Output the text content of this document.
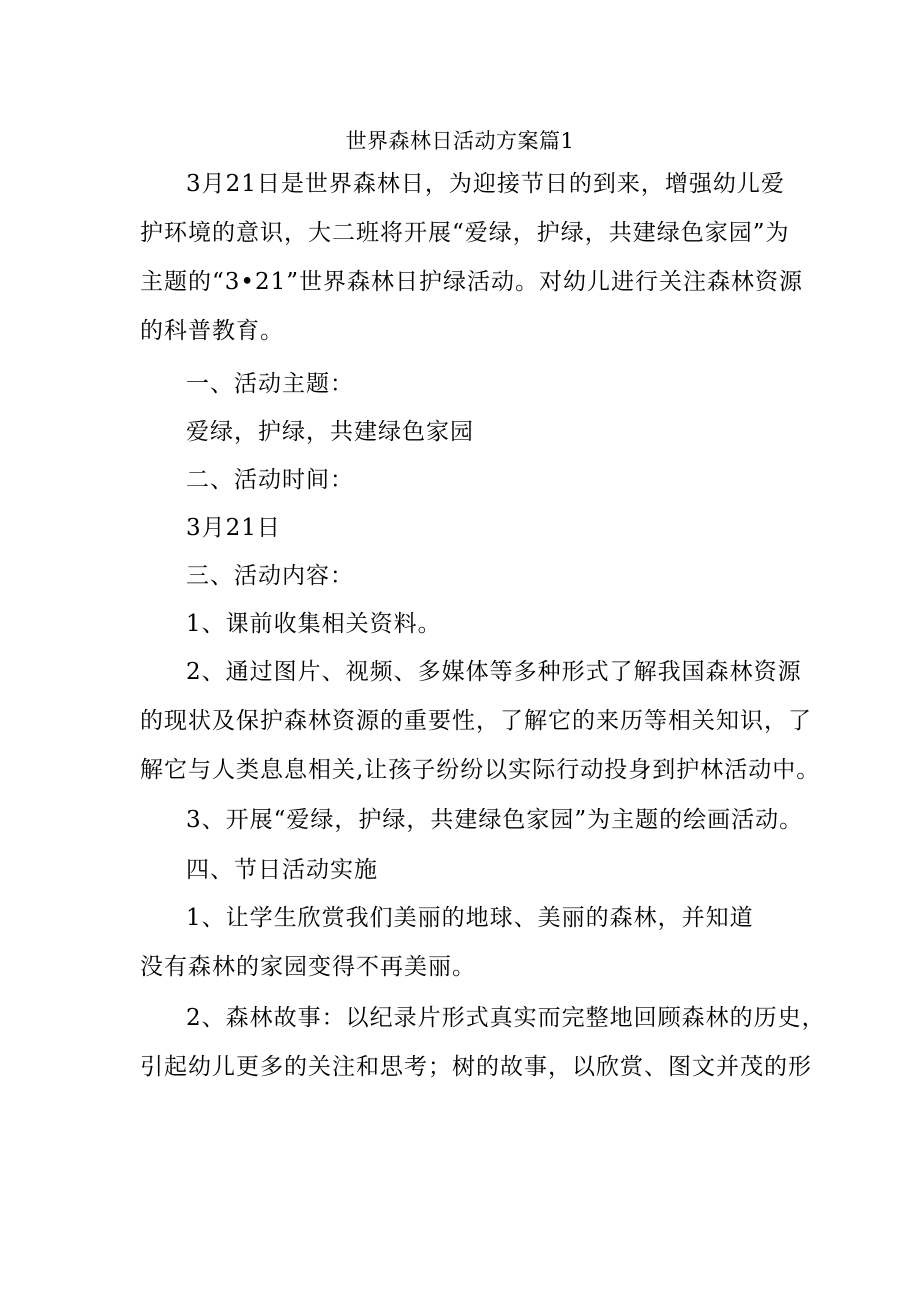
世界森林日活动方案篇1
3月21日是世界森林日，为迎接节日的到来，增强幼儿爱
护环境的意识，大二班将开展“爱绿，护绿，共建绿色家园”为
主题的“3•21”世界森林日护绿活动。对幼儿进行关注森林资源
的科普教育。
一、活动主题：
爱绿，护绿，共建绿色家园
二、活动时间：
3月21日
三、活动内容：
1、课前收集相关资料。
2、通过图片、视频、多媒体等多种形式了解我国森林资源
的现状及保护森林资源的重要性，了解它的来历等相关知识，了
解它与人类息息相关,让孩子纷纷以实际行动投身到护林活动中。
3、开展“爱绿，护绿，共建绿色家园”为主题的绘画活动。
四、节日活动实施
1、让学生欣赏我们美丽的地球、美丽的森林，并知道
没有森林的家园变得不再美丽。
2、森林故事：以纪录片形式真实而完整地回顾森林的历史，
引起幼儿更多的关注和思考；树的故事，以欣赏、图文并茂的形
